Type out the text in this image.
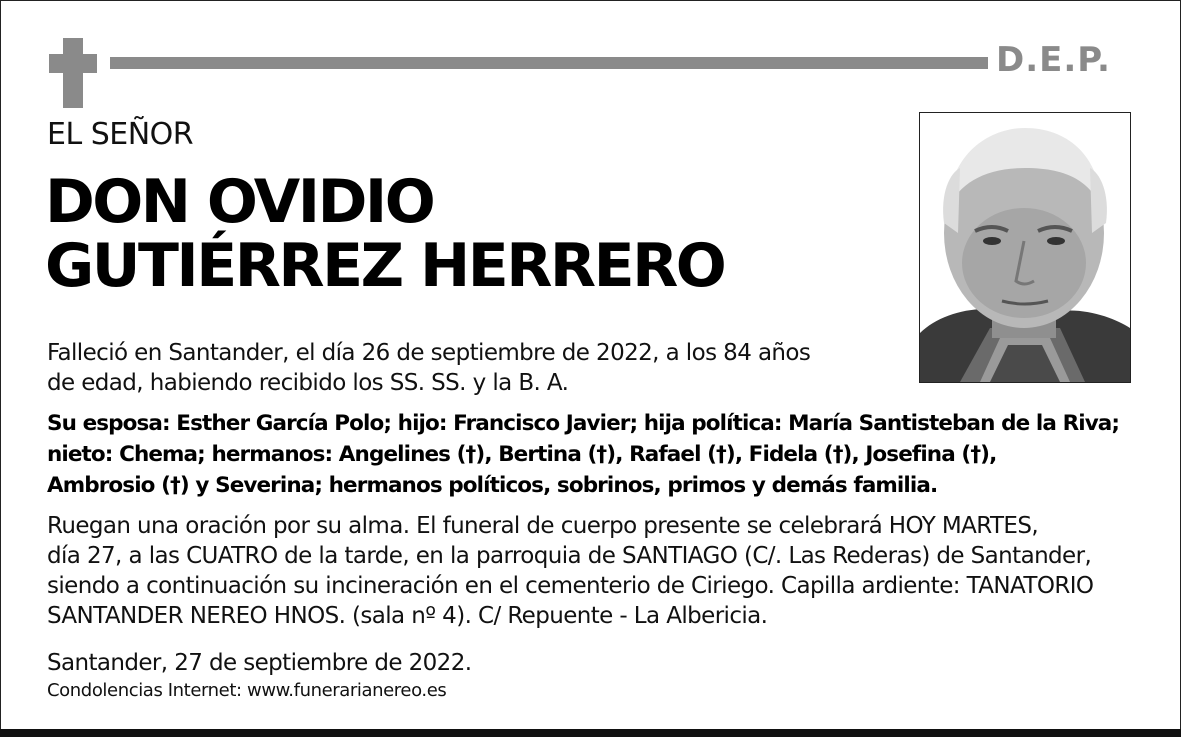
D.E.P.
EL SEÑOR
DON OVIDIO
GUTIÉRREZ HERRERO
Falleció en Santander, el día 26 de septiembre de 2022, a los 84 años
de edad, habiendo recibido los SS. SS. y la B. A.
Su esposa: Esther García Polo; hijo: Francisco Javier; hija política: María Santisteban de la Riva;
nieto: Chema; hermanos: Angelines (†), Bertina (†), Rafael (†), Fidela (†), Josefina (†),
Ambrosio (†) y Severina; hermanos políticos, sobrinos, primos y demás familia.
Ruegan una oración por su alma. El funeral de cuerpo presente se celebrará HOY MARTES,
día 27, a las CUATRO de la tarde, en la parroquia de SANTIAGO (C/. Las Rederas) de Santander,
siendo a continuación su incineración en el cementerio de Ciriego. Capilla ardiente: TANATORIO
SANTANDER NEREO HNOS. (sala nº 4). C/ Repuente - La Albericia.
Santander, 27 de septiembre de 2022.
Condolencias Internet: www.funerarianereo.es
